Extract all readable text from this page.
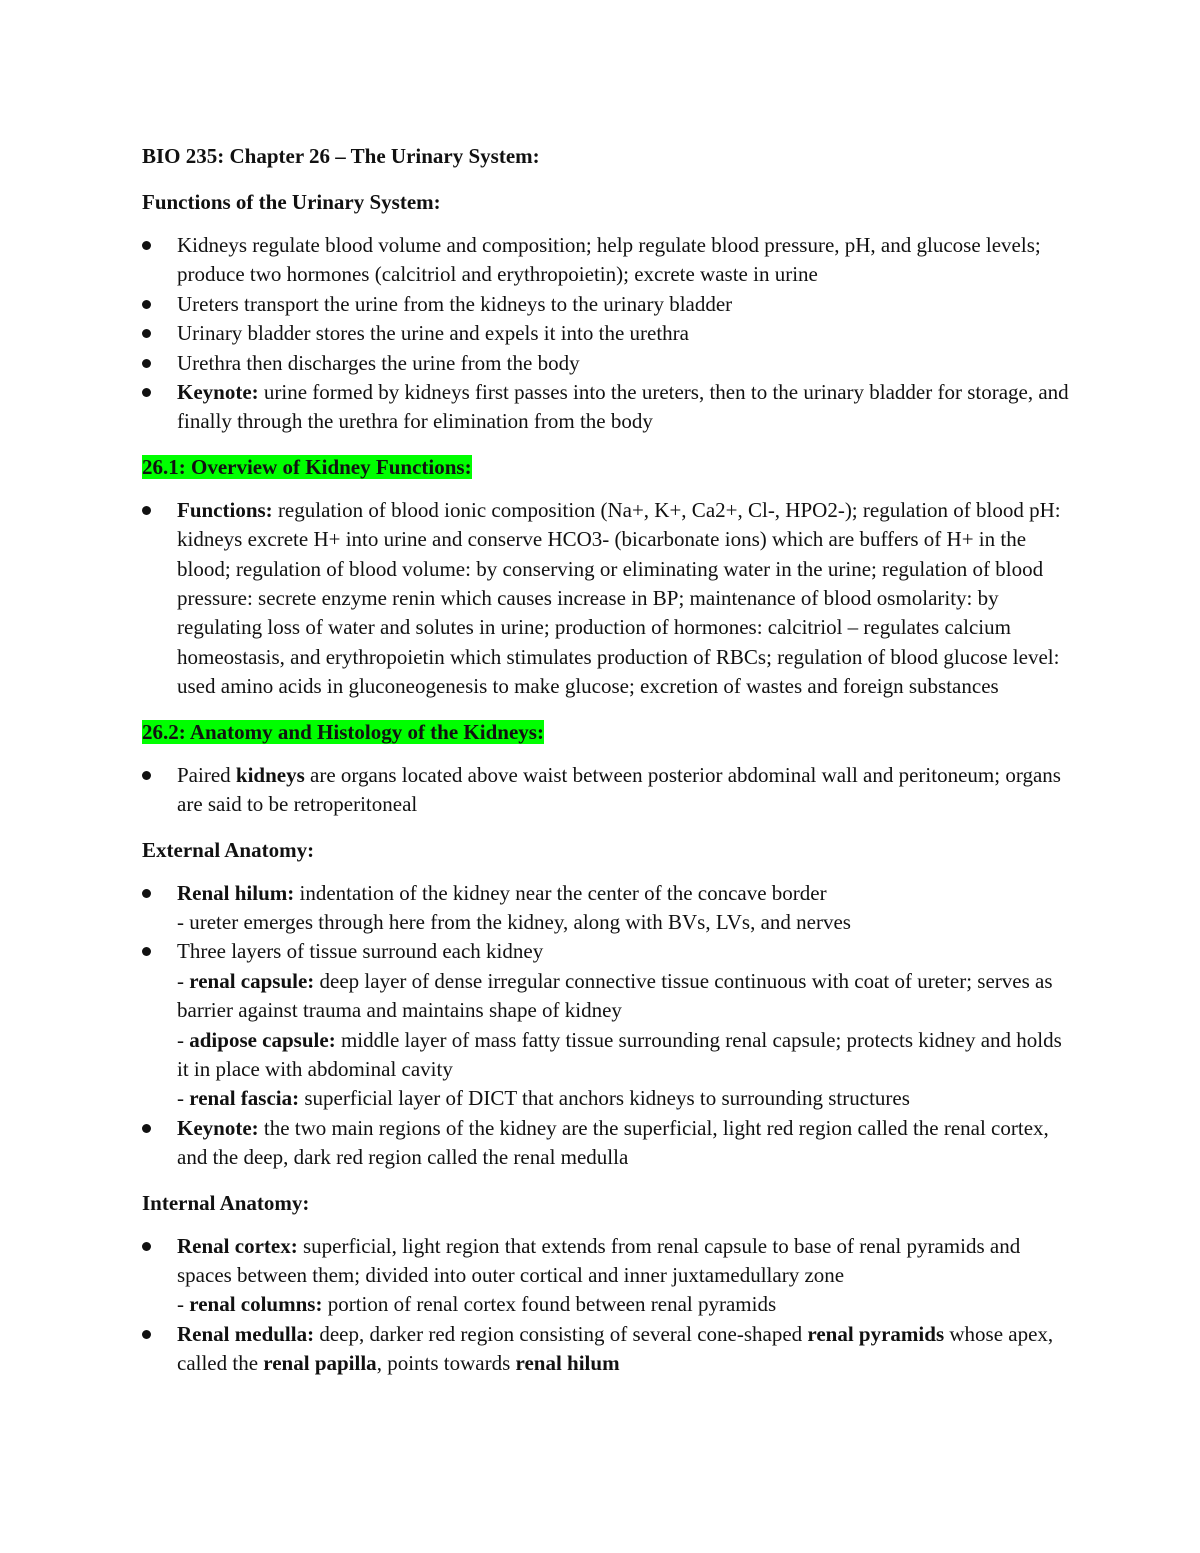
BIO 235: Chapter 26 – The Urinary System:

Functions of the Urinary System:

Kidneys regulate blood volume and composition; help regulate blood pressure, pH, and glucose levels; produce two hormones (calcitriol and erythropoietin); excrete waste in urine
Ureters transport the urine from the kidneys to the urinary bladder
Urinary bladder stores the urine and expels it into the urethra
Urethra then discharges the urine from the body
Keynote: urine formed by kidneys first passes into the ureters, then to the urinary bladder for storage, and finally through the urethra for elimination from the body

26.1: Overview of Kidney Functions:

Functions: regulation of blood ionic composition (Na+, K+, Ca2+, Cl-, HPO2-); regulation of blood pH: kidneys excrete H+ into urine and conserve HCO3- (bicarbonate ions) which are buffers of H+ in the blood; regulation of blood volume: by conserving or eliminating water in the urine; regulation of blood pressure: secrete enzyme renin which causes increase in BP; maintenance of blood osmolarity: by regulating loss of water and solutes in urine; production of hormones: calcitriol – regulates calcium homeostasis, and erythropoietin which stimulates production of RBCs; regulation of blood glucose level: used amino acids in gluconeogenesis to make glucose; excretion of wastes and foreign substances

26.2: Anatomy and Histology of the Kidneys:

Paired kidneys are organs located above waist between posterior abdominal wall and peritoneum; organs are said to be retroperitoneal

External Anatomy:

Renal hilum: indentation of the kidney near the center of the concave border
- ureter emerges through here from the kidney, along with BVs, LVs, and nerves
Three layers of tissue surround each kidney
- renal capsule: deep layer of dense irregular connective tissue continuous with coat of ureter; serves as barrier against trauma and maintains shape of kidney
- adipose capsule: middle layer of mass fatty tissue surrounding renal capsule; protects kidney and holds it in place with abdominal cavity
- renal fascia: superficial layer of DICT that anchors kidneys to surrounding structures
Keynote: the two main regions of the kidney are the superficial, light red region called the renal cortex, and the deep, dark red region called the renal medulla

Internal Anatomy:

Renal cortex: superficial, light region that extends from renal capsule to base of renal pyramids and spaces between them; divided into outer cortical and inner juxtamedullary zone
- renal columns: portion of renal cortex found between renal pyramids
Renal medulla: deep, darker red region consisting of several cone-shaped renal pyramids whose apex, called the renal papilla, points towards renal hilum
